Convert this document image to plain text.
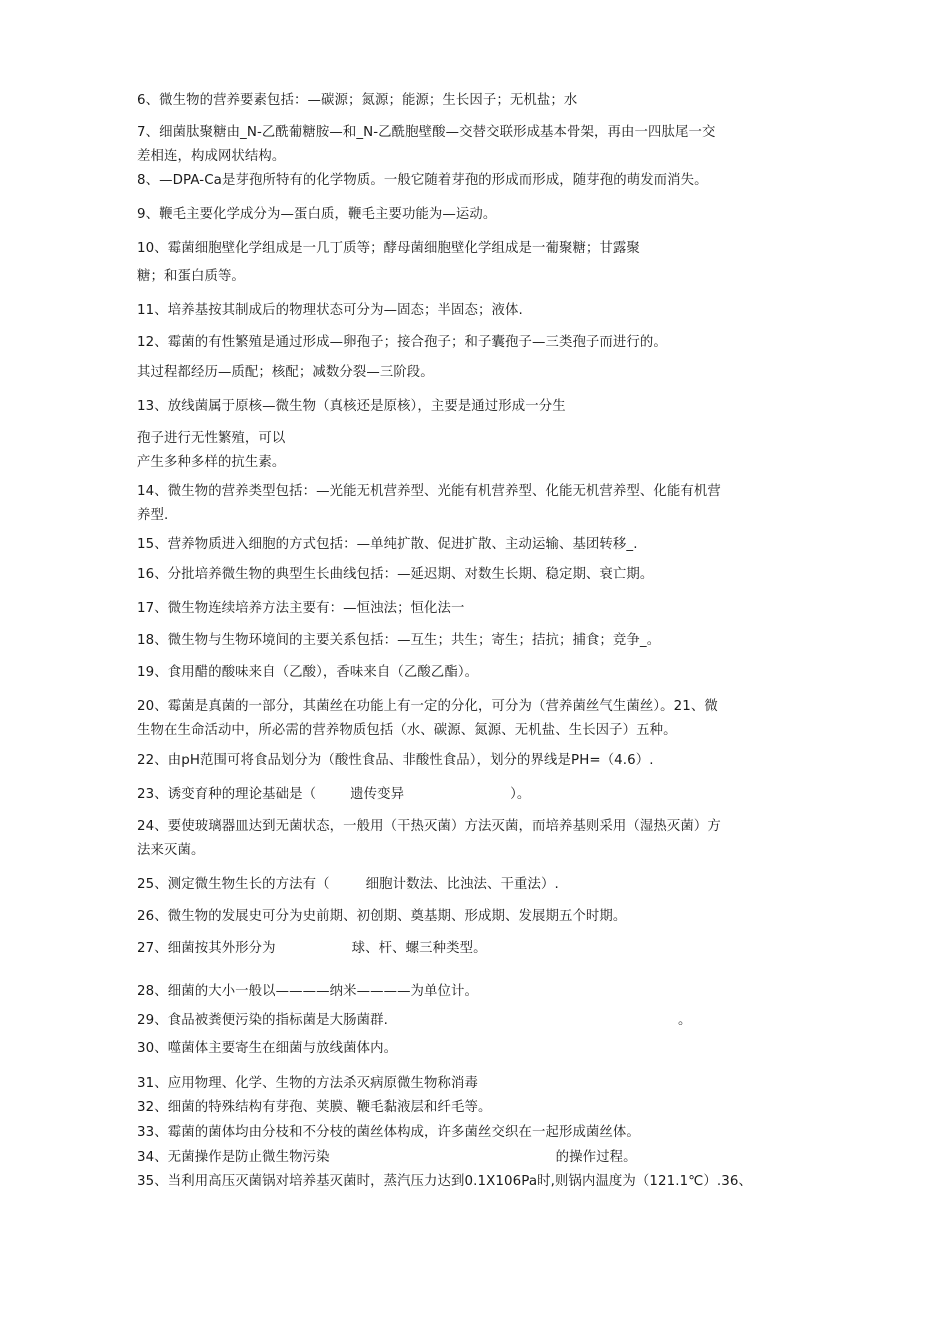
6、微生物的营养要素包括：—碳源；氮源；能源；生长因子；无机盐；水
7、细菌肽聚糖由_N-乙酰葡糖胺—和_N-乙酰胞壁酸—交替交联形成基本骨架，再由一四肽尾一交
差相连，构成网状结构。
8、—DPA-Ca是芽孢所特有的化学物质。一般它随着芽孢的形成而形成，随芽孢的萌发而消失。
9、鞭毛主要化学成分为—蛋白质，鞭毛主要功能为—运动。
10、霉菌细胞壁化学组成是一几丁质等；酵母菌细胞壁化学组成是一葡聚糖；甘露聚
糖；和蛋白质等。
11、培养基按其制成后的物理状态可分为—固态；半固态；液体.
12、霉菌的有性繁殖是通过形成—卵孢子；接合孢子；和子囊孢子—三类孢子而进行的。
其过程都经历—质配；核配；减数分裂—三阶段。
13、放线菌属于原核—微生物（真核还是原核），主要是通过形成一分生
孢子进行无性繁殖，可以
产生多种多样的抗生素。
14、微生物的营养类型包括：—光能无机营养型、光能有机营养型、化能无机营养型、化能有机营
养型.
15、营养物质进入细胞的方式包括：—单纯扩散、促进扩散、主动运输、基团转移_.
16、分批培养微生物的典型生长曲线包括：—延迟期、对数生长期、稳定期、衰亡期。
17、微生物连续培养方法主要有：—恒浊法；恒化法一
18、微生物与生物环境间的主要关系包括：—互生；共生；寄生；拮抗；捕食；竞争_。
19、食用醋的酸味来自（乙酸），香味来自（乙酸乙酯）。
20、霉菌是真菌的一部分，其菌丝在功能上有一定的分化，可分为（营养菌丝气生菌丝）。21、微
生物在生命活动中，所必需的营养物质包括（水、碳源、氮源、无机盐、生长因子）五种。
22、由pH范围可将食品划分为（酸性食品、非酸性食品），划分的界线是PH=（4.6）.
23、诱变育种的理论基础是（	遗传变异	）。
24、要使玻璃器皿达到无菌状态，一般用（干热灭菌）方法灭菌，而培养基则采用（湿热灭菌）方
法来灭菌。
25、测定微生物生长的方法有（	细胞计数法、比浊法、干重法）.
26、微生物的发展史可分为史前期、初创期、奠基期、形成期、发展期五个时期。
27、细菌按其外形分为	球、杆、螺三种类型。
28、细菌的大小一般以————纳米————为单位计。
29、食品被粪便污染的指标菌是大肠菌群.	。
30、噬菌体主要寄生在细菌与放线菌体内。
31、应用物理、化学、生物的方法杀灭病原微生物称消毒
32、细菌的特殊结构有芽孢、荚膜、鞭毛黏液层和纤毛等。
33、霉菌的菌体均由分枝和不分枝的菌丝体构成，许多菌丝交织在一起形成菌丝体。
34、无菌操作是防止微生物污染	的操作过程。
35、当利用高压灭菌锅对培养基灭菌时，蒸汽压力达到0.1X106Pa时,则锅内温度为（121.1℃）.36、
